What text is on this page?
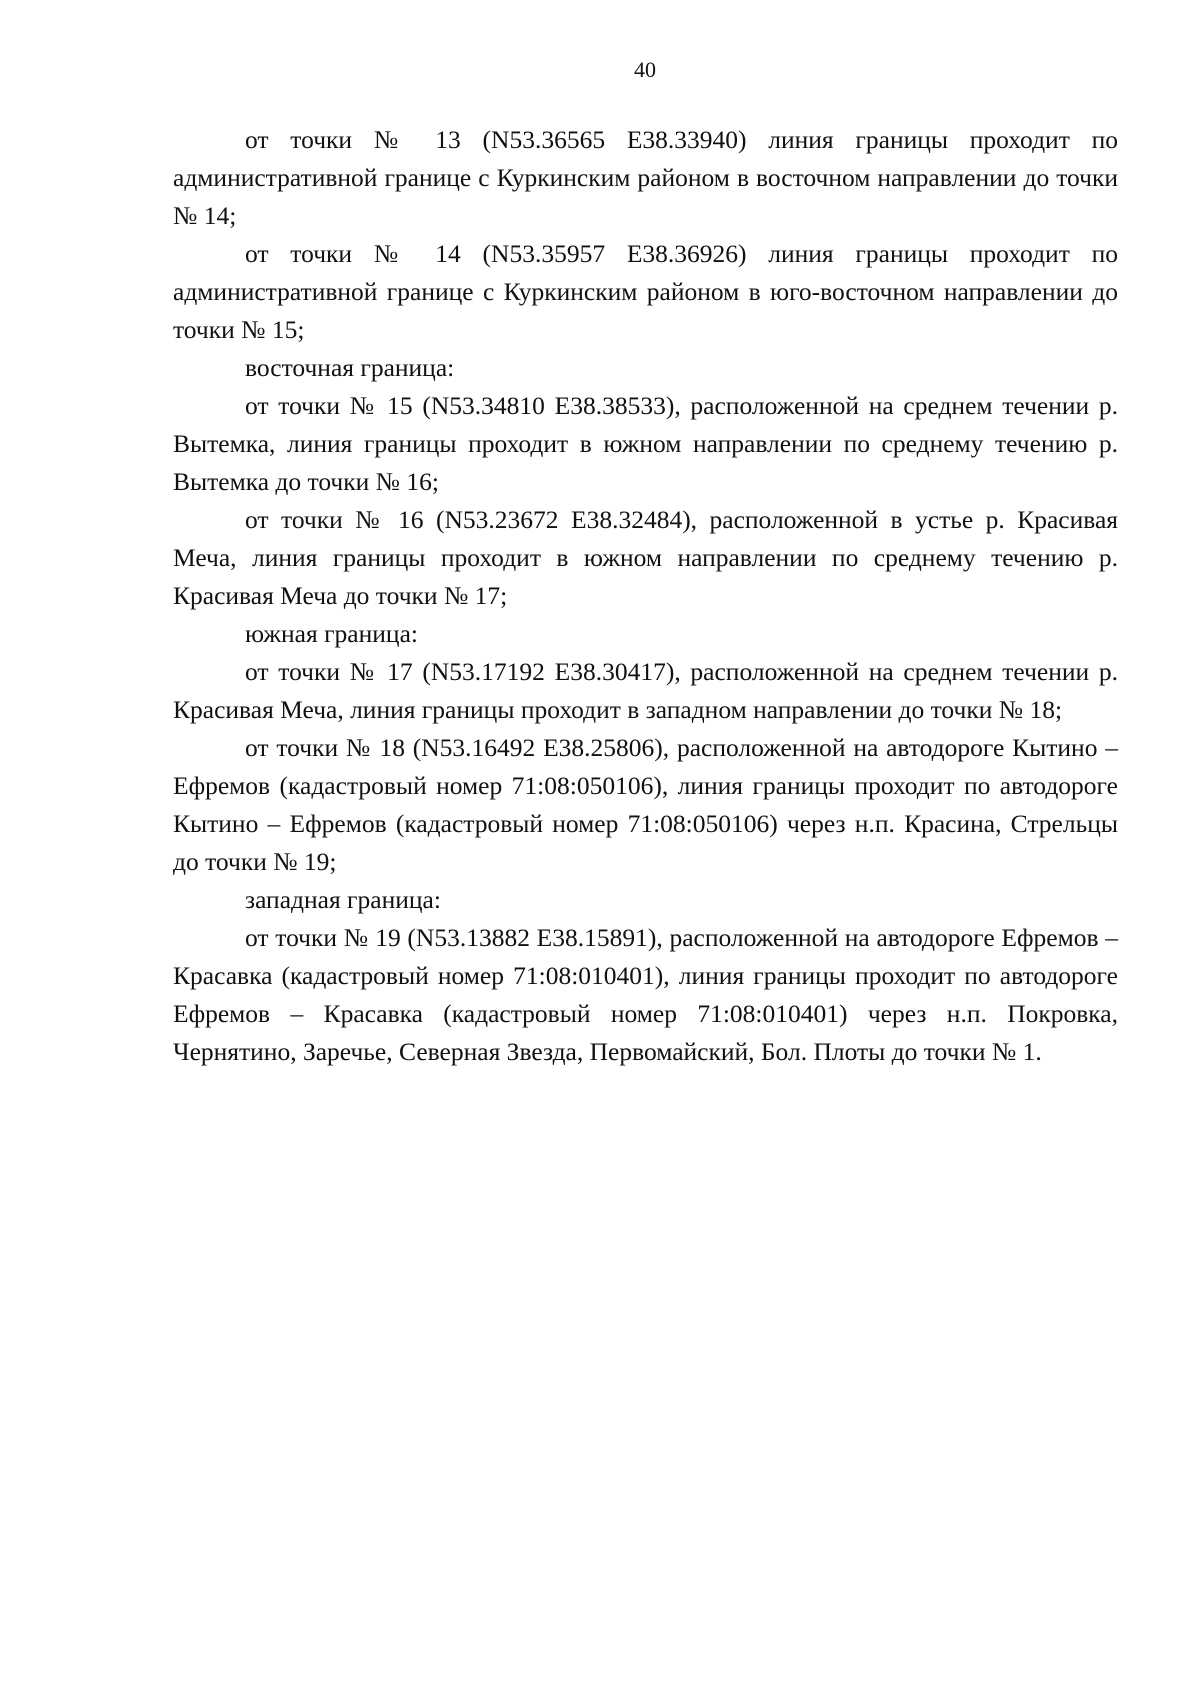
40

от точки № 13 (N53.36565 E38.33940) линия границы проходит по административной границе с Куркинским районом в восточном направлении до точки № 14;

от точки № 14 (N53.35957 E38.36926) линия границы проходит по административной границе с Куркинским районом в юго-восточном направлении до точки № 15;

восточная граница:

от точки № 15 (N53.34810 E38.38533), расположенной на среднем течении р. Вытемка, линия границы проходит в южном направлении по среднему течению р. Вытемка до точки № 16;

от точки № 16 (N53.23672 E38.32484), расположенной в устье р. Красивая Меча, линия границы проходит в южном направлении по среднему течению р. Красивая Меча до точки № 17;

южная граница:

от точки № 17 (N53.17192 E38.30417), расположенной на среднем течении р. Красивая Меча, линия границы проходит в западном направлении до точки № 18;

от точки № 18 (N53.16492 E38.25806), расположенной на автодороге Кытино – Ефремов (кадастровый номер 71:08:050106), линия границы проходит по автодороге Кытино – Ефремов (кадастровый номер 71:08:050106) через н.п. Красина, Стрельцы до точки № 19;

западная граница:

от точки № 19 (N53.13882 E38.15891), расположенной на автодороге Ефремов – Красавка (кадастровый номер 71:08:010401), линия границы проходит по автодороге Ефремов – Красавка (кадастровый номер 71:08:010401) через н.п. Покровка, Чернятино, Заречье, Северная Звезда, Первомайский, Бол. Плоты до точки № 1.
